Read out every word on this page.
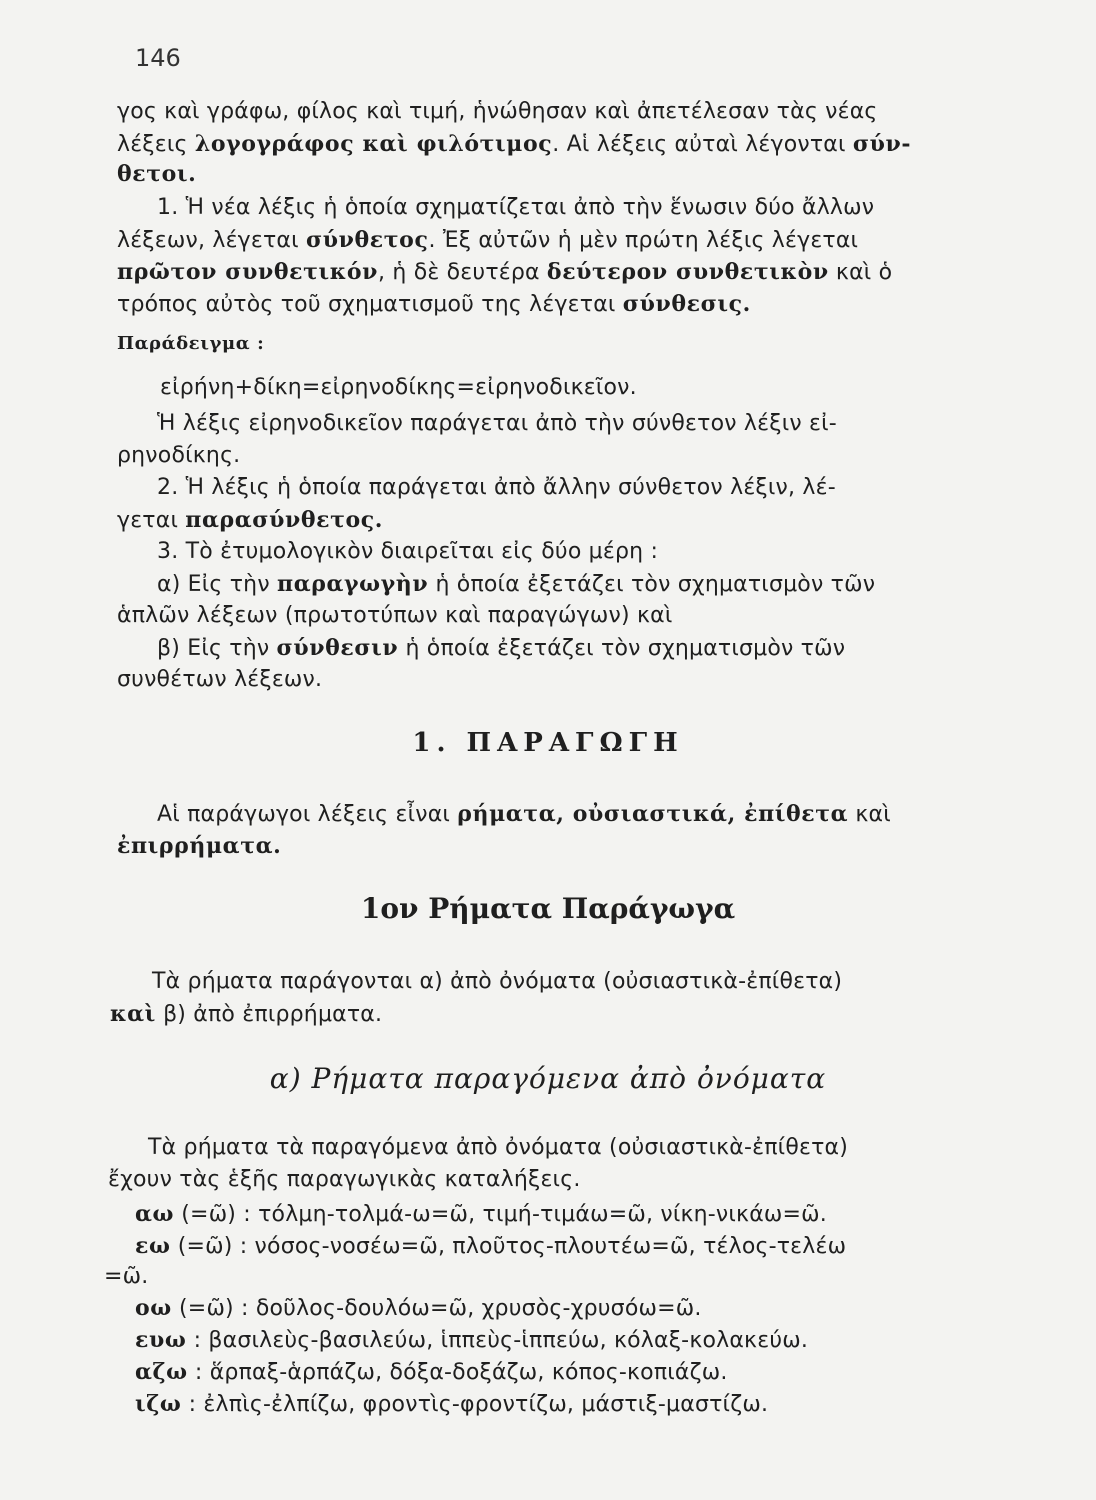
146
γος καὶ γράφω, φίλος καὶ τιμή, ἡνώθησαν καὶ ἀπετέλεσαν τὰς νέας
λέξεις λογογράφος καὶ φιλότιμος. Αἱ λέξεις αὐταὶ λέγονται σύν-
θετοι.
1. Ἡ νέα λέξις ἡ ὁποία σχηματίζεται ἀπὸ τὴν ἕνωσιν δύο ἄλλων
λέξεων, λέγεται σύνθετος. Ἐξ αὐτῶν ἡ μὲν πρώτη λέξις λέγεται
πρῶτον συνθετικόν, ἡ δὲ δευτέρα δεύτερον συνθετικὸν καὶ ὁ
τρόπος αὐτὸς τοῦ σχηματισμοῦ της λέγεται σύνθεσις.
Παράδειγμα :
εἰρήνη+δίκη=εἰρηνοδίκης=εἰρηνοδικεῖον.
Ἡ λέξις εἰρηνοδικεῖον παράγεται ἀπὸ τὴν σύνθετον λέξιν εἰ-
ρηνοδίκης.
2. Ἡ λέξις ἡ ὁποία παράγεται ἀπὸ ἄλλην σύνθετον λέξιν, λέ-
γεται παρασύνθετος.
3. Τὸ ἐτυμολογικὸν διαιρεῖται εἰς δύο μέρη :
α) Εἰς τὴν παραγωγὴν ἡ ὁποία ἐξετάζει τὸν σχηματισμὸν τῶν
ἁπλῶν λέξεων (πρωτοτύπων καὶ παραγώγων) καὶ
β) Εἰς τὴν σύνθεσιν ἡ ὁποία ἐξετάζει τὸν σχηματισμὸν τῶν
συνθέτων λέξεων.
1. ΠΑΡΑΓΩΓΗ
Αἱ παράγωγοι λέξεις εἶναι ρήματα, οὐσιαστικά, ἐπίθετα καὶ
ἐπιρρήματα.
1ον Ρήματα Παράγωγα
Τὰ ρήματα παράγονται α) ἀπὸ ὀνόματα (οὐσιαστικὰ-ἐπίθετα)
καὶ β) ἀπὸ ἐπιρρήματα.
α) Ρήματα παραγόμενα ἀπὸ ὀνόματα
Τὰ ρήματα τὰ παραγόμενα ἀπὸ ὀνόματα (οὐσιαστικὰ-ἐπίθετα)
ἔχουν τὰς ἑξῆς παραγωγικὰς καταλήξεις.
αω (=ῶ) : τόλμη-τολμά-ω=ῶ, τιμή-τιμάω=ῶ, νίκη-νικάω=ῶ.
εω (=ῶ) : νόσος-νοσέω=ῶ, πλοῦτος-πλουτέω=ῶ, τέλος-τελέω
=ῶ.
οω (=ῶ) : δοῦλος-δουλόω=ῶ, χρυσὸς-χρυσόω=ῶ.
ευω : βασιλεὺς-βασιλεύω, ἱππεὺς-ἱππεύω, κόλαξ-κολακεύω.
αζω : ἅρπαξ-ἁρπάζω, δόξα-δοξάζω, κόπος-κοπιάζω.
ιζω : ἐλπὶς-ἐλπίζω, φροντὶς-φροντίζω, μάστιξ-μαστίζω.
